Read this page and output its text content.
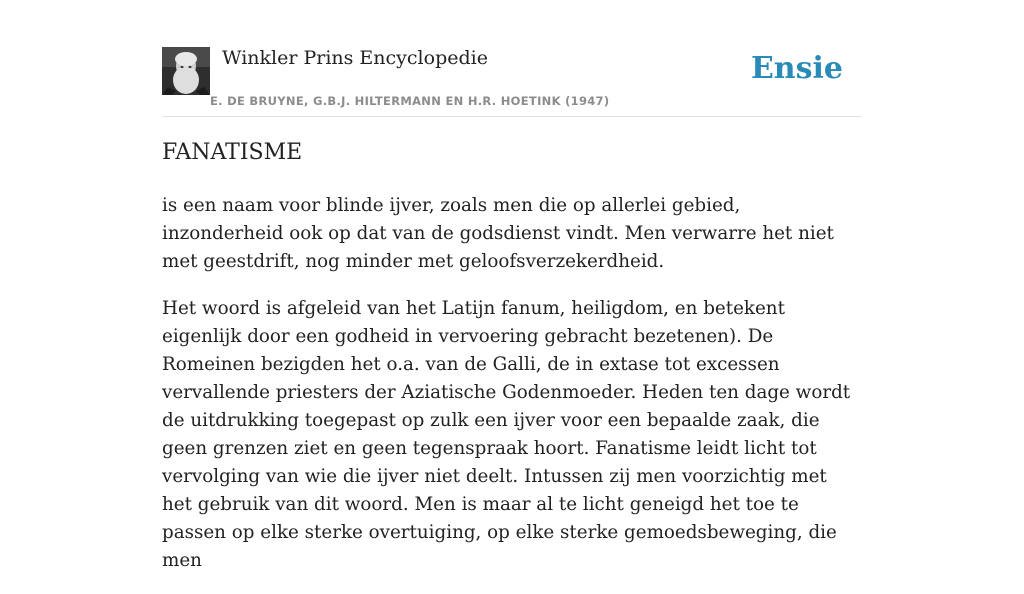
Winkler Prins Encyclopedie
E. DE BRUYNE, G.B.J. HILTERMANN EN H.R. HOETINK (1947)
Ensie
FANATISME

is een naam voor blinde ijver, zoals men die op allerlei gebied, inzonderheid ook op dat van de godsdienst vindt. Men verwarre het niet met geestdrift, nog minder met geloofsverzekerdheid.

Het woord is afgeleid van het Latijn fanum, heiligdom, en betekent eigenlijk door een godheid in vervoering gebracht bezetenen). De Romeinen bezigden het o.a. van de Galli, de in extase tot excessen vervallende priesters der Aziatische Godenmoeder. Heden ten dage wordt de uitdrukking toegepast op zulk een ijver voor een bepaalde zaak, die geen grenzen ziet en geen tegenspraak hoort. Fanatisme leidt licht tot vervolging van wie die ijver niet deelt. Intussen zij men voorzichtig met het gebruik van dit woord. Men is maar al te licht geneigd het toe te passen op elke sterke overtuiging, op elke sterke gemoedsbeweging, die men
